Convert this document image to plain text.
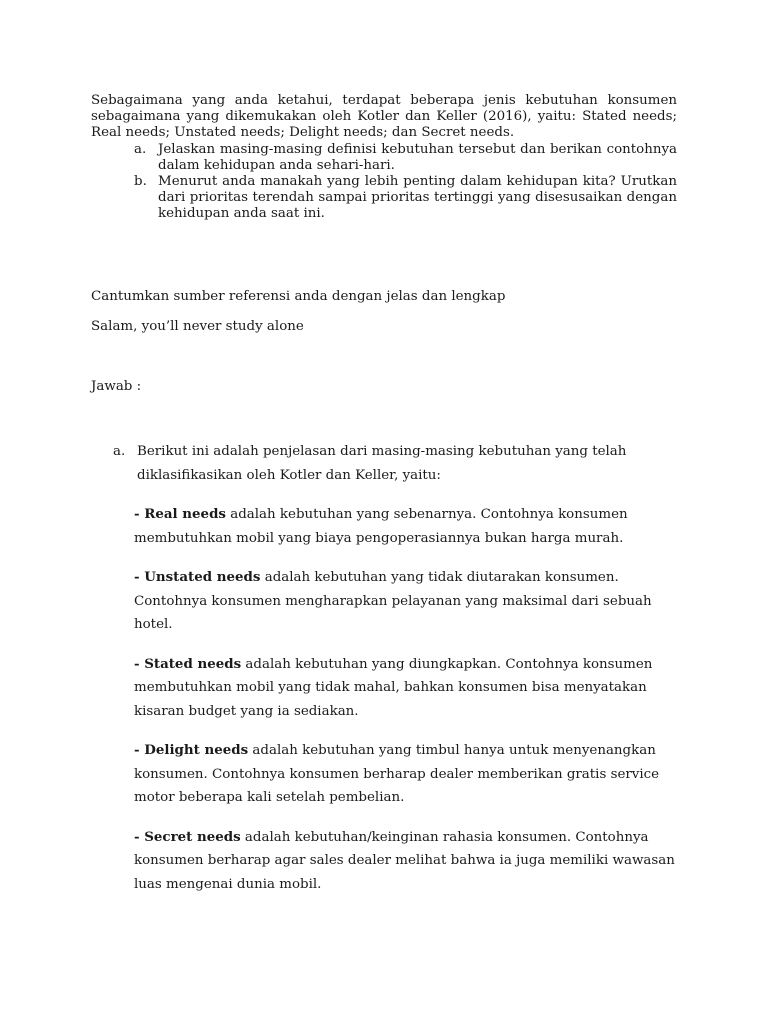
Sebagaimana yang anda ketahui, terdapat beberapa jenis kebutuhan konsumen sebagaimana yang dikemukakan oleh Kotler dan Keller (2016), yaitu: Stated needs; Real needs; Unstated needs; Delight needs; dan Secret needs.

a. Jelaskan masing-masing definisi kebutuhan tersebut dan berikan contohnya dalam kehidupan anda sehari-hari.
b. Menurut anda manakah yang lebih penting dalam kehidupan kita? Urutkan dari prioritas terendah sampai prioritas tertinggi yang disesusaikan dengan kehidupan anda saat ini.
Cantumkan sumber referensi anda dengan jelas dan lengkap
Salam, you’ll never study alone
Jawab :
a. Berikut ini adalah penjelasan dari masing-masing kebutuhan yang telah diklasifikasikan oleh Kotler dan Keller, yaitu:

- Real needs adalah kebutuhan yang sebenarnya. Contohnya konsumen membutuhkan mobil yang biaya pengoperasiannya bukan harga murah.

- Unstated needs adalah kebutuhan yang tidak diutarakan konsumen. Contohnya konsumen mengharapkan pelayanan yang maksimal dari sebuah hotel.

- Stated needs adalah kebutuhan yang diungkapkan. Contohnya konsumen membutuhkan mobil yang tidak mahal, bahkan konsumen bisa menyatakan kisaran budget yang ia sediakan.

- Delight needs adalah kebutuhan yang timbul hanya untuk menyenangkan konsumen. Contohnya konsumen berharap dealer memberikan gratis service motor beberapa kali setelah pembelian.

- Secret needs adalah kebutuhan/keinginan rahasia konsumen. Contohnya konsumen berharap agar sales dealer melihat bahwa ia juga memiliki wawasan luas mengenai dunia mobil.
